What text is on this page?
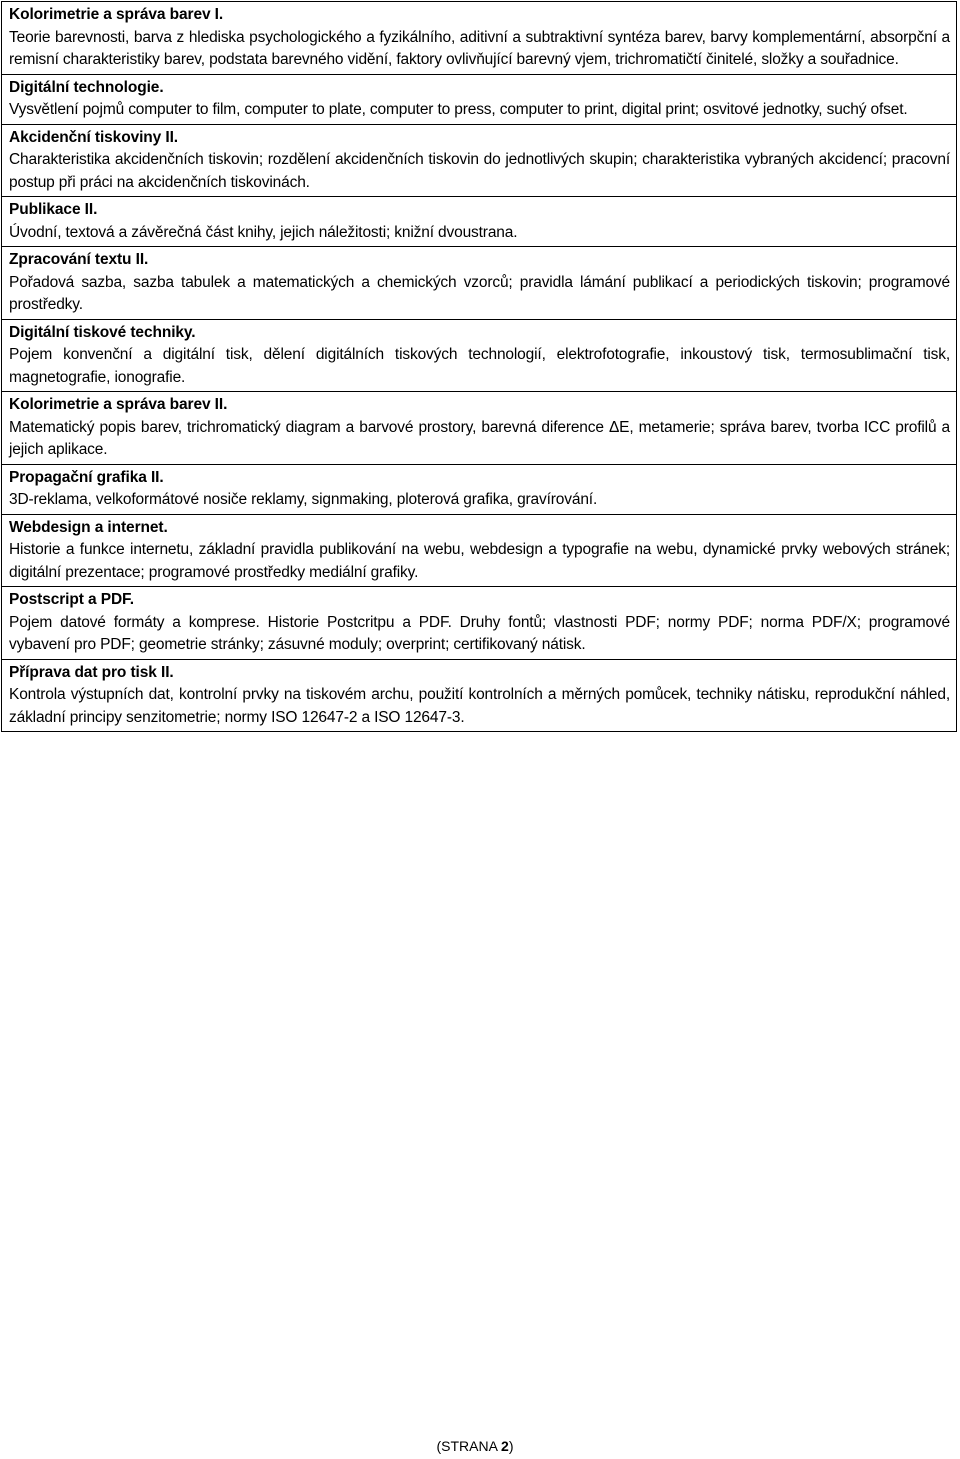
Kolorimetrie a správa barev I.
Teorie barevnosti, barva z hlediska psychologického a fyzikálního, aditivní a subtraktivní syntéza barev, barvy komplementární, absorpční a remisní charakteristiky barev, podstata barevného vidění, faktory ovlivňující barevný vjem, trichromatičtí činitelé, složky a souřadnice.
Digitální technologie.
Vysvětlení pojmů computer to film, computer to plate, computer to press, computer to print, digital print; osvitové jednotky, suchý ofset.
Akcidenční tiskoviny II.
Charakteristika akcidenčních tiskovin; rozdělení akcidenčních tiskovin do jednotlivých skupin; charakteristika vybraných akcidencí; pracovní postup při práci na akcidenčních tiskovinách.
Publikace II.
Úvodní, textová a závěrečná část knihy, jejich náležitosti; knižní dvoustrana.
Zpracování textu II.
Pořadová sazba, sazba tabulek a matematických a chemických vzorců; pravidla lámání publikací a periodických tiskovin; programové prostředky.
Digitální tiskové techniky.
Pojem konvenční a digitální tisk, dělení digitálních tiskových technologií, elektrofotografie, inkoustový tisk, termosublimační tisk, magnetografie, ionografie.
Kolorimetrie a správa barev II.
Matematický popis barev, trichromatický diagram a barvové prostory, barevná diference ΔE, metamerie; správa barev, tvorba ICC profilů a jejich aplikace.
Propagační grafika II.
3D-reklama, velkoformátové nosiče reklamy, signmaking, ploterová grafika, gravírování.
Webdesign a internet.
Historie a funkce internetu, základní pravidla publikování na webu, webdesign a typografie na webu, dynamické prvky webových stránek; digitální prezentace; programové prostředky mediální grafiky.
Postscript a PDF.
Pojem datové formáty a komprese. Historie Postcritpu a PDF. Druhy fontů; vlastnosti PDF; normy PDF; norma PDF/X; programové vybavení pro PDF; geometrie stránky; zásuvné moduly; overprint; certifikovaný nátisk.
Příprava dat pro tisk II.
Kontrola výstupních dat, kontrolní prvky na tiskovém archu, použití kontrolních a měrných pomůcek, techniky nátisku, reprodukční náhled, základní principy senzitometrie; normy ISO 12647-2 a ISO 12647-3.
(STRANA 2)
